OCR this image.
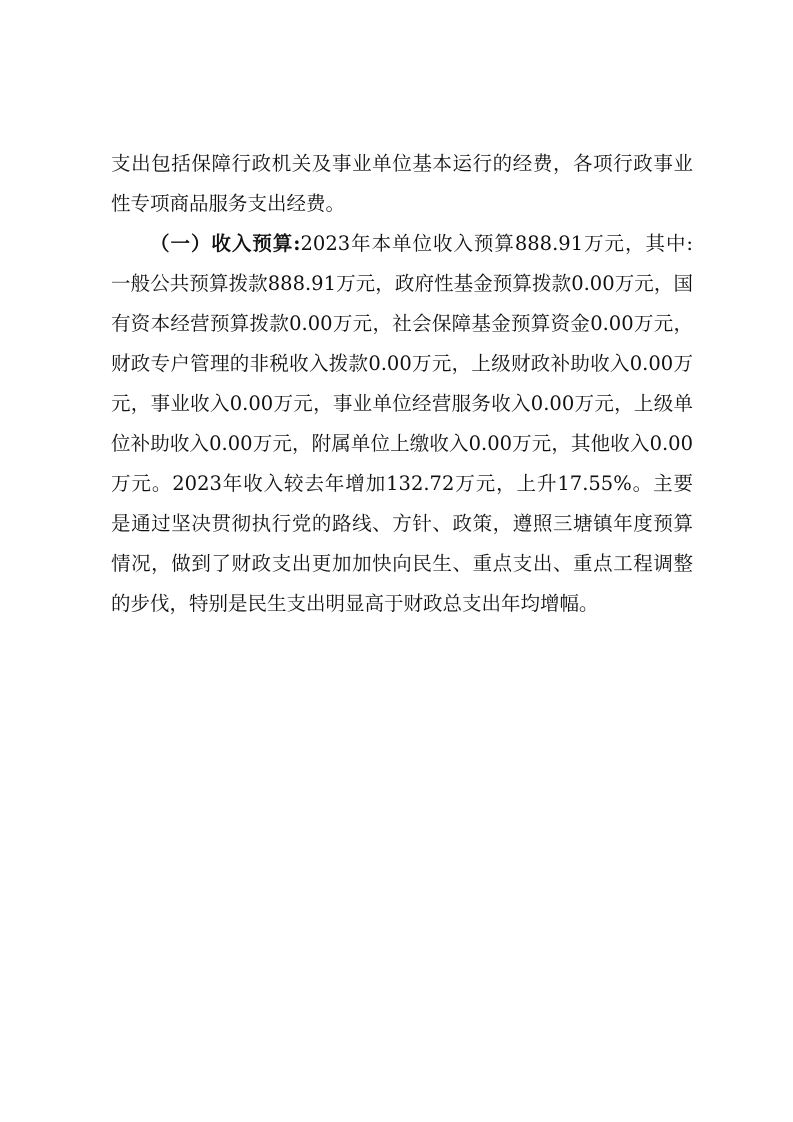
支出包括保障行政机关及事业单位基本运行的经费，各项行政事业性专项商品服务支出经费。

（一）收入预算:2023年本单位收入预算888.91万元，其中: 一般公共预算拨款888.91万元，政府性基金预算拨款0.00万元，国有资本经营预算拨款0.00万元，社会保障基金预算资金0.00万元，财政专户管理的非税收入拨款0.00万元，上级财政补助收入0.00万元，事业收入0.00万元，事业单位经营服务收入0.00万元，上级单位补助收入0.00万元，附属单位上缴收入0.00万元，其他收入0.00万元。2023年收入较去年增加132.72万元，上升17.55%。主要是通过坚决贯彻执行党的路线、方针、政策，遵照三塘镇年度预算情况，做到了财政支出更加加快向民生、重点支出、重点工程调整的步伐，特别是民生支出明显高于财政总支出年均增幅。
